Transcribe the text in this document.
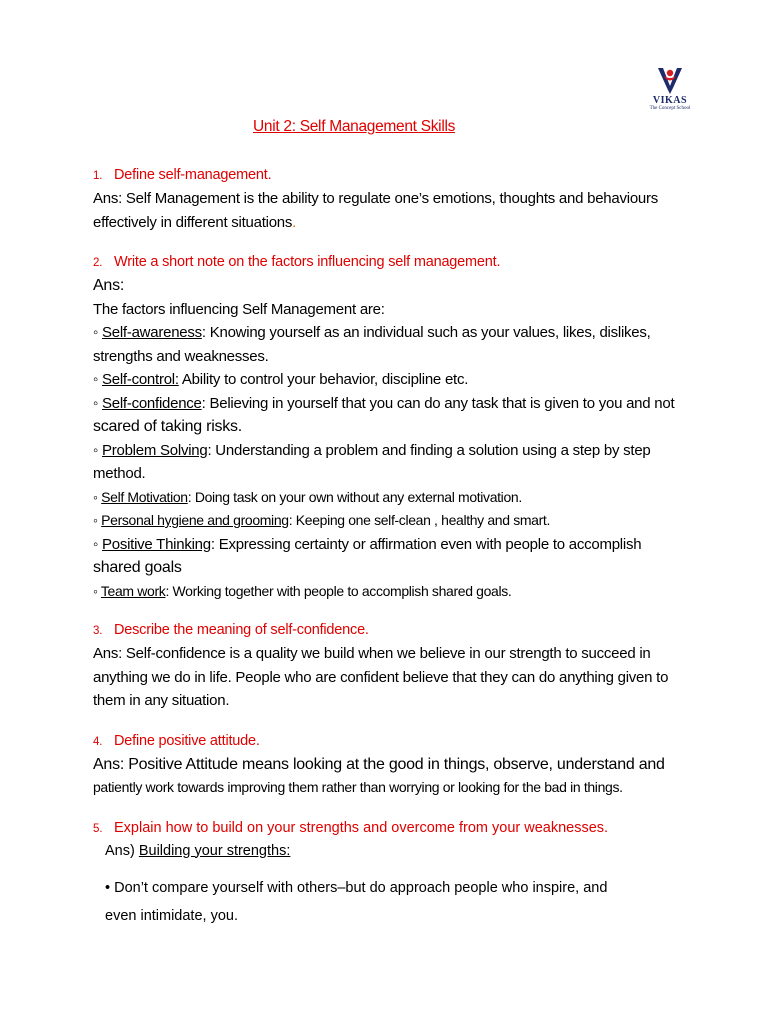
VIKAS
The Concept School
Unit 2: Self Management Skills
1. Define self-management.
Ans: Self Management is the ability to regulate one’s emotions, thoughts and behaviours
effectively in different situations.
2. Write a short note on the factors influencing self management.
Ans:
The factors influencing Self Management are:
◦ Self-awareness: Knowing yourself as an individual such as your values, likes, dislikes,
strengths and weaknesses.
◦ Self-control: Ability to control your behavior, discipline etc.
◦ Self-confidence: Believing in yourself that you can do any task that is given to you and not
scared of taking risks.
◦ Problem Solving: Understanding a problem and finding a solution using a step by step
method.
◦ Self Motivation: Doing task on your own without any external motivation.
◦ Personal hygiene and grooming: Keeping one self-clean , healthy and smart.
◦ Positive Thinking: Expressing certainty or affirmation even with people to accomplish
shared goals
◦ Team work: Working together with people to accomplish shared goals.
3. Describe the meaning of self-confidence.
Ans: Self-confidence is a quality we build when we believe in our strength to succeed in
anything we do in life. People who are confident believe that they can do anything given to
them in any situation.
4. Define positive attitude.
Ans: Positive Attitude means looking at the good in things, observe, understand and
patiently work towards improving them rather than worrying or looking for the bad in things.
5. Explain how to build on your strengths and overcome from your weaknesses.
Ans) Building your strengths:
• Don’t compare yourself with others–but do approach people who inspire, and
even intimidate, you.
